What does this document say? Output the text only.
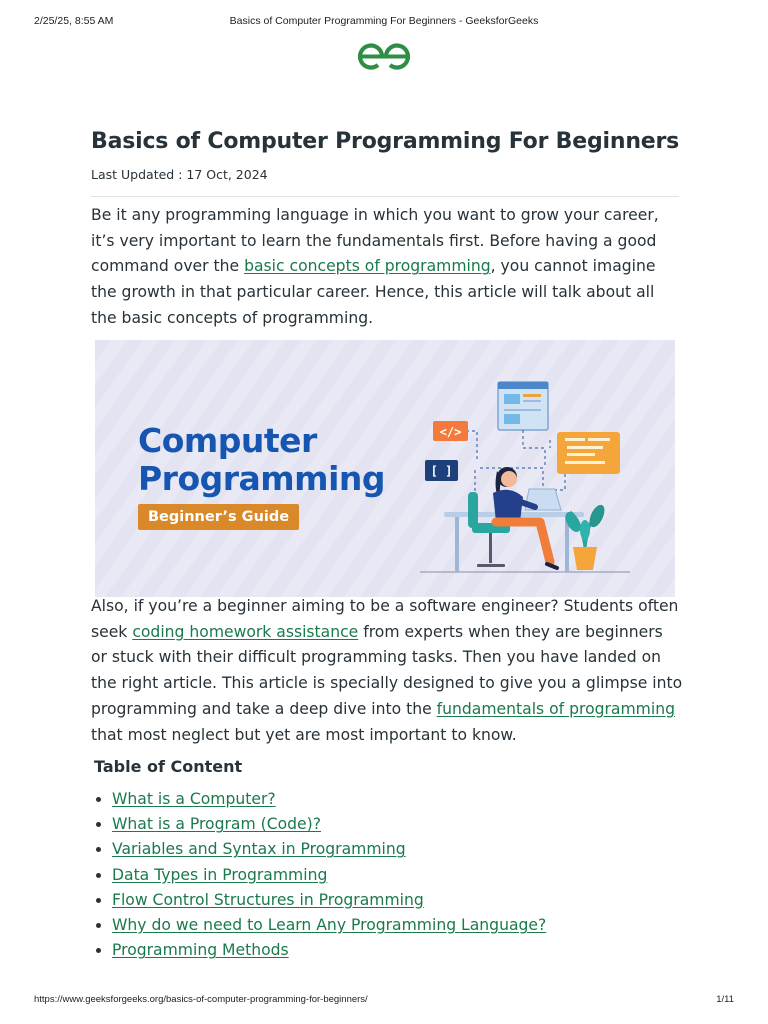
2/25/25, 8:55 AM	Basics of Computer Programming For Beginners - GeeksforGeeks
Basics of Computer Programming For Beginners
Last Updated : 17 Oct, 2024

Be it any programming language in which you want to grow your career, it’s very important to learn the fundamentals first. Before having a good command over the basic concepts of programming, you cannot imagine the growth in that particular career. Hence, this article will talk about all the basic concepts of programming.

</>
[ ]
Computer
Programming
Beginner’s Guide

Also, if you’re a beginner aiming to be a software engineer? Students often seek coding homework assistance from experts when they are beginners or stuck with their difficult programming tasks. Then you have landed on the right article. This article is specially designed to give you a glimpse into programming and take a deep dive into the fundamentals of programming that most neglect but yet are most important to know.

Table of Content
• What is a Computer?
• What is a Program (Code)?
• Variables and Syntax in Programming
• Data Types in Programming
• Flow Control Structures in Programming
• Why do we need to Learn Any Programming Language?
• Programming Methods
https://www.geeksforgeeks.org/basics-of-computer-programming-for-beginners/	1/11
